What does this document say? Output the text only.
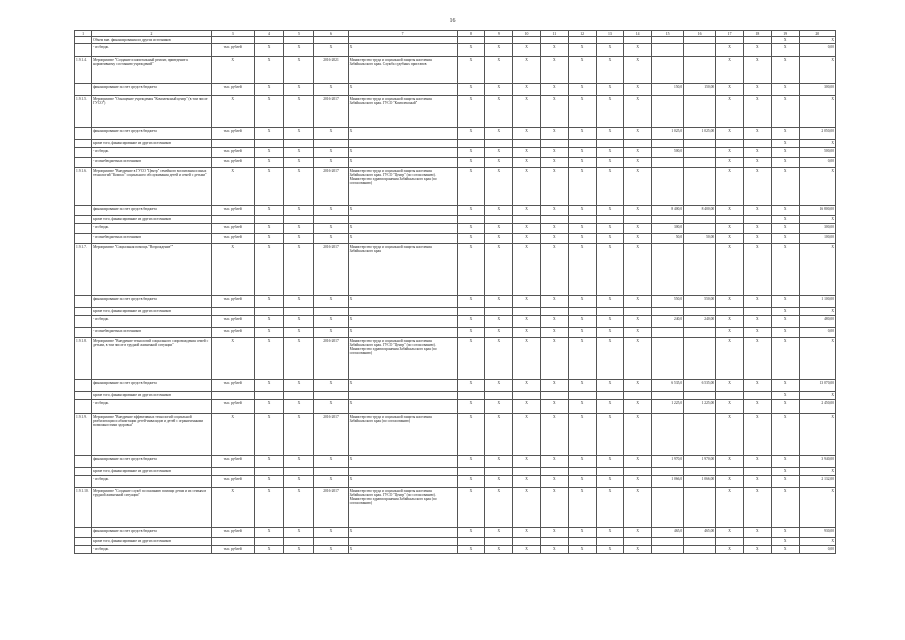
16
1	2	3	4	5	6	7	8	9	10	11	12	13	14	15	16	17	18	19	20
	Объем вне. финансирования из других источников																	Х	Х
	- из бюдж.	тыс. рублей	Х	Х	Х	Х	Х	Х	Х	Х	Х	Х	Х			Х	Х	Х	0,00
1.9.1.4.	Мероприятие "Создание и капитальный ремонт, приведение к нормативному состоянию учреждений"	Х	Х	Х	2016-2021	Министерство труда и социальной защиты населения Забайкальского края. Служба судебных приставов	Х	Х	Х	Х	Х	Х	Х			Х	Х	Х	Х
	финансирование за счет средств бюджета	тыс. рублей	Х	Х	Х	Х	Х	Х	Х	Х	Х	Х	Х	150,0	150,00	Х	Х	Х	300,00
1.9.1.5.	Мероприятие "Оснащение учреждения "Комплексный центр" (в том числе ГУСО")	Х	Х	Х	2016-2017	Министерство труда и социальной защиты населения Забайкальского края. ГУСО "Комплексный"	Х	Х	Х	Х	Х	Х	Х			Х	Х	Х	Х
	финансирование за счет средств бюджета	тыс. рублей	Х	Х	Х	Х	Х	Х	Х	Х	Х	Х	Х	1 025,0	1 025,00	Х	Х	Х	2 050,00
	кроме того, финансирование из других источников																	Х	Х
	- из бюдж.	тыс. рублей	Х	Х	Х	Х	Х	Х	Х	Х	Х	Х	Х	500,0		Х	Х	Х	500,00
	- из внебюджетных источников	тыс. рублей	Х	Х	Х	Х	Х	Х	Х	Х	Х	Х	Х			Х	Х	Х	0,00
1.9.1.6.	Мероприятие "Внедрение в ГУСО "Центр" семейного воспитания и иных технологий "Компас" социального обслуживания детей и семей с детьми"	Х	Х	Х	2016-2017	Министерство труда и социальной защиты населения Забайкальского края. ГУСО "Центр" (по согласованию). Министерство здравоохранения Забайкальского края (по согласованию)	Х	Х	Х	Х	Х	Х	Х			Х	Х	Х	Х
	финансирование за счет средств бюджета	тыс. рублей	Х	Х	Х	Х	Х	Х	Х	Х	Х	Х	Х	8 400,0	8 400,00	Х	Х	Х	16 800,00
	кроме того, финансирование из других источников																	Х	Х
	- из бюдж.	тыс. рублей	Х	Х	Х	Х	Х	Х	Х	Х	Х	Х	Х	300,0		Х	Х	Х	300,00
	- из внебюджетных источников	тыс. рублей	Х	Х	Х	Х	Х	Х	Х	Х	Х	Х	Х	50,0	50,00	Х	Х	Х	100,00
1.9.1.7.	Мероприятие "Социальная помощь "Возрождение""	Х	Х	Х	2016-2017	Министерство труда и социальной защиты населения Забайкальского края	Х	Х	Х	Х	Х	Х	Х			Х	Х	Х	Х
	финансирование за счет средств бюджета	тыс. рублей	Х	Х	Х	Х	Х	Х	Х	Х	Х	Х	Х	550,0	550,00	Х	Х	Х	1 100,00
	кроме того, финансирование из других источников																	Х	Х
	- из бюдж.	тыс. рублей	Х	Х	Х	Х	Х	Х	Х	Х	Х	Х	Х	240,0	240,00	Х	Х	Х	480,00
	- из внебюджетных источников	тыс. рублей	Х	Х	Х	Х	Х	Х	Х	Х	Х	Х	Х			Х	Х	Х	0,00
1.9.1.8.	Мероприятие "Внедрение технологий социального сопровождения семей с детьми, в том числе в трудной жизненной ситуации"	Х	Х	Х	2016-2017	Министерство труда и социальной защиты населения Забайкальского края. ГУСО "Центр" (по согласованию). Министерство здравоохранения Забайкальского края (по согласованию)	Х	Х	Х	Х	Х	Х	Х			Х	Х	Х	Х
	финансирование за счет средств бюджета	тыс. рублей	Х	Х	Х	Х	Х	Х	Х	Х	Х	Х	Х	6 535,0	6 535,00	Х	Х	Х	13 070,00
	кроме того, финансирование из других источников																	Х	Х
	- из бюдж.	тыс. рублей	Х	Х	Х	Х	Х	Х	Х	Х	Х	Х	Х	1 225,0	1 225,00	Х	Х	Х	2 450,00
1.9.1.9.	Мероприятие "Внедрение эффективных технологий социальной реабилитации и абилитации детей-инвалидов и детей с ограниченными возможностями здоровья"	Х	Х	Х	2016-2017	Министерство труда и социальной защиты населения Забайкальского края (по согласованию)	Х	Х	Х	Х	Х	Х	Х			Х	Х	Х	Х
	финансирование за счет средств бюджета	тыс. рублей	Х	Х	Х	Х	Х	Х	Х	Х	Х	Х	Х	1 970,0	1 970,00	Х	Х	Х	3 940,00
	кроме того, финансирование из других источников																	Х	Х
	- из бюдж.	тыс. рублей	Х	Х	Х	Х	Х	Х	Х	Х	Х	Х	Х	1 066,0	1 066,00	Х	Х	Х	2 132,00
1.9.1.10.	Мероприятие "Создание служб по оказанию помощи детям и их семьям в трудной жизненной ситуации"	Х	Х	Х	2016-2017	Министерство труда и социальной защиты населения Забайкальского края. ГУСО "Центр" (по согласованию). Министерство здравоохранения Забайкальского края (по согласованию)	Х	Х	Х	Х	Х	Х	Х			Х	Х	Х	Х
	финансирование за счет средств бюджета	тыс. рублей	Х	Х	Х	Х	Х	Х	Х	Х	Х	Х	Х	465,0	465,00	Х	Х	Х	930,00
	кроме того, финансирование из других источников																	Х	Х
	- из бюдж.	тыс. рублей	Х	Х	Х	Х	Х	Х	Х	Х	Х	Х	Х			Х	Х	Х	0,00
